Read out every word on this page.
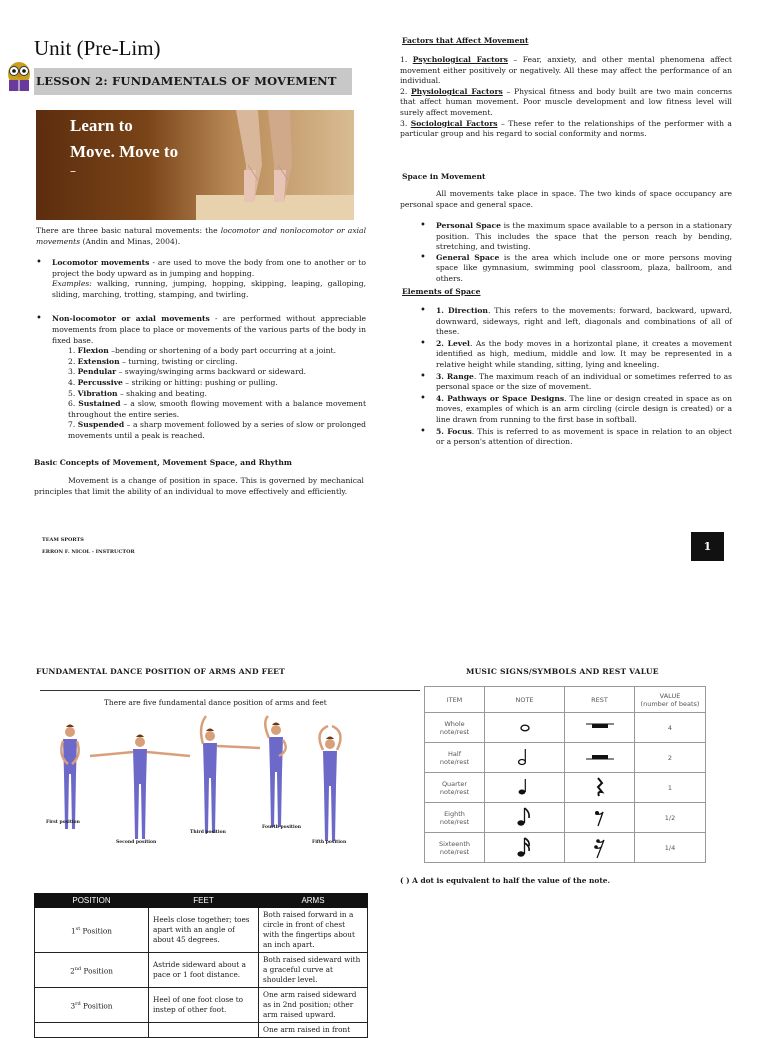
Unit (Pre-Lim)
LESSON 2: FUNDAMENTALS OF MOVEMENT
Learn to
Move. Move to
–
There are three basic natural movements: the locomotor and nonlocomotor or axial movements (Andin and Minas, 2004).
• Locomotor movements - are used to move the body from one to another or to project the body upward as in jumping and hopping.
Examples: walking, running, jumping, hopping, skipping, leaping, galloping, sliding, marching, trotting, stamping, and twirling.
• Non-locomotor or axial movements - are performed without appreciable movements from place to place or movements of the various parts of the body in fixed base.
1. Flexion –bending or shortening of a body part occurring at a joint.
2. Extension – turning, twisting or circling.
3. Pendular – swaying/swinging arms backward or sideward.
4. Percussive – striking or hitting: pushing or pulling.
5. Vibration – shaking and beating.
6. Sustained – a slow, smooth flowing movement with a balance movement throughout the entire series.
7. Suspended – a sharp movement followed by a series of slow or prolonged movements until a peak is reached.
Basic Concepts of Movement, Movement Space, and Rhythm
Movement is a change of position in space. This is governed by mechanical principles that limit the ability of an individual to move effectively and efficiently.
Factors that Affect Movement
1. Psychological Factors – Fear, anxiety, and other mental phenomena affect movement either positively or negatively. All these may affect the performance of an individual.
2. Physiological Factors – Physical fitness and body built are two main concerns that affect human movement. Poor muscle development and low fitness level will surely affect movement.
3. Sociological Factors – These refer to the relationships of the performer with a particular group and his regard to social conformity and norms.
Space in Movement
All movements take place in space. The two kinds of space occupancy are personal space and general space.
• Personal Space is the maximum space available to a person in a stationary position. This includes the space that the person reach by bending, stretching, and twisting.
• General Space is the area which include one or more persons moving space like gymnasium, swimming pool classroom, plaza, ballroom, and others.
Elements of Space
• 1. Direction. This refers to the movements: forward, backward, upward, downward, sideways, right and left, diagonals and combinations of all of these.
• 2. Level. As the body moves in a horizontal plane, it creates a movement identified as high, medium, middle and low. It may be represented in a relative height while standing, sitting, lying and kneeling.
• 3. Range. The maximum reach of an individual or sometimes referred to as personal space or the size of movement.
• 4. Pathways or Space Designs. The line or design created in space as on moves, examples of which is an arm circling (circle design is created) or a line drawn from running to the first base in softball.
• 5. Focus. This is referred to as movement is space in relation to an object or a person's attention of direction.
TEAM SPORTS
ERRON F. NICOL - INSTRUCTOR	1
FUNDAMENTAL DANCE POSITION OF ARMS AND FEET	MUSIC SIGNS/SYMBOLS AND REST VALUE
There are five fundamental dance position of arms and feet
First position
Second position
Third position
Fourth position
Fifth position
ITEM	NOTE	REST	VALUE
(number of beats)
Whole
note/rest			4
Half
note/rest			2
Quarter
note/rest			1
Eighth
note/rest			1/2
Sixteenth
note/rest			1/4
( ) A dot is equivalent to half the value of the note.
POSITION	FEET	ARMS
1st Position	Heels close together; toes apart with an angle of about 45 degrees.	Both raised forward in a circle in front of chest with the fingertips about an inch apart.
2nd Position	Astride sideward about a pace or 1 foot distance.	Both raised sideward with a graceful curve at shoulder level.
3rd Position	Heel of one foot close to instep of other foot.	One arm raised sideward as in 2nd position; other arm raised upward.
		One arm raised in front
